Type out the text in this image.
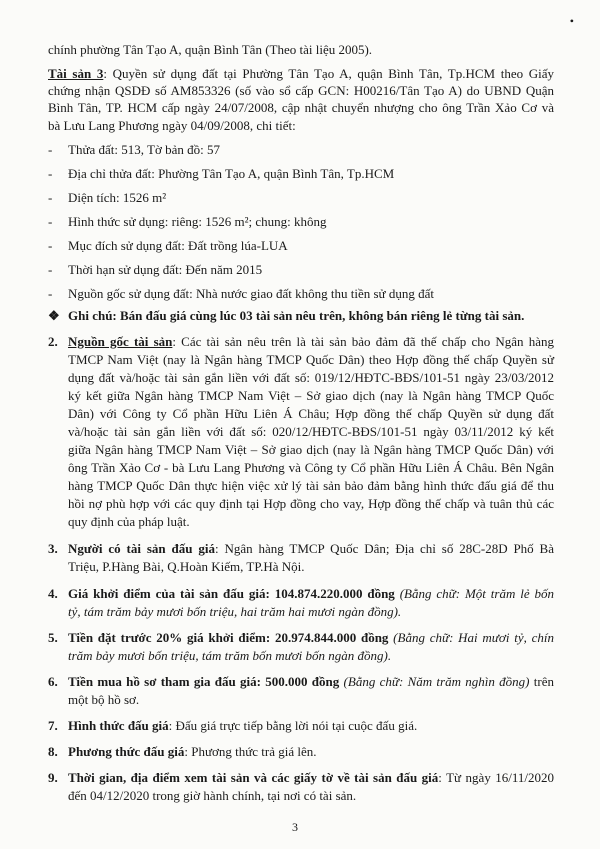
•
chính phường Tân Tạo A, quận Bình Tân (Theo tài liệu 2005).
Tài sản 3: Quyền sử dụng đất tại Phường Tân Tạo A, quận Bình Tân, Tp.HCM theo Giấy
chứng nhận QSDĐ số AM853326 (số vào sổ cấp GCN: H00216/Tân Tạo A) do UBND Quận
Bình Tân, TP. HCM cấp ngày 24/07/2008, cập nhật chuyển nhượng cho ông Trần Xảo Cơ và
bà Lưu Lang Phương ngày 04/09/2008, chi tiết:
- Thửa đất: 513, Tờ bản đồ: 57
- Địa chỉ thửa đất: Phường Tân Tạo A, quận Bình Tân, Tp.HCM
- Diện tích: 1526 m²
- Hình thức sử dụng: riêng: 1526 m²; chung: không
- Mục đích sử dụng đất: Đất trồng lúa-LUA
- Thời hạn sử dụng đất: Đến năm 2015
- Nguồn gốc sử dụng đất: Nhà nước giao đất không thu tiền sử dụng đất
❖ Ghi chú: Bán đấu giá cùng lúc 03 tài sản nêu trên, không bán riêng lẻ từng tài sản.
2. Nguồn gốc tài sản: Các tài sản nêu trên là tài sản bảo đảm đã thế chấp cho Ngân hàng
TMCP Nam Việt (nay là Ngân hàng TMCP Quốc Dân) theo Hợp đồng thế chấp Quyền sử
dụng đất và/hoặc tài sản gắn liền với đất số: 019/12/HĐTC-BĐS/101-51 ngày 23/03/2012
ký kết giữa Ngân hàng TMCP Nam Việt – Sở giao dịch (nay là Ngân hàng TMCP Quốc
Dân) với Công ty Cổ phần Hữu Liên Á Châu; Hợp đồng thế chấp Quyền sử dụng đất
và/hoặc tài sản gắn liền với đất số: 020/12/HĐTC-BĐS/101-51 ngày 03/11/2012 ký kết
giữa Ngân hàng TMCP Nam Việt – Sở giao dịch (nay là Ngân hàng TMCP Quốc Dân) với
ông Trần Xảo Cơ - bà Lưu Lang Phương và Công ty Cổ phần Hữu Liên Á Châu. Bên Ngân
hàng TMCP Quốc Dân thực hiện việc xử lý tài sản bảo đảm bằng hình thức đấu giá để thu
hồi nợ phù hợp với các quy định tại Hợp đồng cho vay, Hợp đồng thế chấp và tuân thủ các
quy định của pháp luật.
3. Người có tài sản đấu giá: Ngân hàng TMCP Quốc Dân; Địa chỉ số 28C-28D Phố Bà
Triệu, P.Hàng Bài, Q.Hoàn Kiếm, TP.Hà Nội.
4. Giá khởi điểm của tài sản đấu giá: 104.874.220.000 đồng (Bằng chữ: Một trăm lẻ bốn
tỷ, tám trăm bảy mươi bốn triệu, hai trăm hai mươi ngàn đồng).
5. Tiền đặt trước 20% giá khởi điểm: 20.974.844.000 đồng (Bằng chữ: Hai mươi tỷ, chín
trăm bảy mươi bốn triệu, tám trăm bốn mươi bốn ngàn đồng).
6. Tiền mua hồ sơ tham gia đấu giá: 500.000 đồng (Bằng chữ: Năm trăm nghìn đồng) trên
một bộ hồ sơ.
7. Hình thức đấu giá: Đấu giá trực tiếp bằng lời nói tại cuộc đấu giá.
8. Phương thức đấu giá: Phương thức trả giá lên.
9. Thời gian, địa điểm xem tài sản và các giấy tờ về tài sản đấu giá: Từ ngày 16/11/2020
đến 04/12/2020 trong giờ hành chính, tại nơi có tài sản.
3
